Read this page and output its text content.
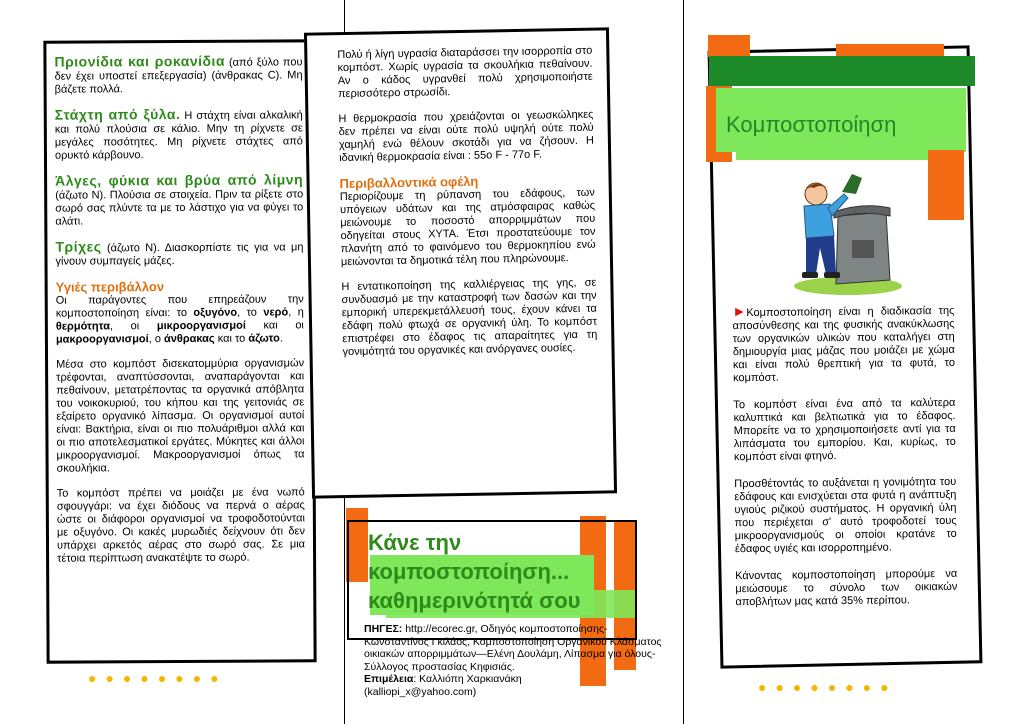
Πριονίδια και ροκανίδια (από ξύλο που δεν έχει υποστεί επεξεργασία) (άνθρακας C). Μη βάζετε πολλά.

Στάχτη από ξύλα. Η στάχτη είναι αλκαλική και πολύ πλούσια σε κάλιο. Μην τη ρίχνετε σε μεγάλες ποσότητες. Μη ρίχνετε στάχτες από ορυκτό κάρβουνο.

Άλγες, φύκια και βρύα από λίμνη (άζωτο N). Πλούσια σε στοιχεία. Πριν τα ρίξετε στο σωρό σας πλύντε τα με το λάστιχο για να φύγει το αλάτι.

Τρίχες (άζωτο N). Διασκορπίστε τις για να μη γίνουν συμπαγείς μάζες.

Υγιές περιβάλλον

Οι παράγοντες που επηρεάζουν την κομποστοποίηση είναι: το οξυγόνο, το νερό, η θερμότητα, οι μικροοργανισμοί και οι μακροοργανισμοί, ο άνθρακας και το άζωτο.

Μέσα στο κομπόστ δισεκατομμύρια οργανισμών τρέφονται, αναπτύσσονται, αναπαράγονται και πεθαίνουν, μετατρέποντας τα οργανικά απόβλητα του νοικοκυριού, του κήπου και της γειτονιάς σε εξαίρετο οργανικό λίπασμα. Οι οργανισμοί αυτοί είναι: Βακτήρια, είναι οι πιο πολυάριθμοι αλλά και οι πιο αποτελεσματικοί εργάτες. Μύκητες και άλλοι μικροοργανισμοί. Μακροοργανισμοί όπως τα σκουλήκια.

Το κομπόστ πρέπει να μοιάζει με ένα νωπό σφουγγάρι: να έχει διόδους να περνά ο αέρας ώστε οι διάφοροι οργανισμοί να τροφοδοτούνται με οξυγόνο. Οι κακές μυρωδιές δείχνουν ότι δεν υπάρχει αρκετός αέρας στο σωρό σας. Σε μια τέτοια περίπτωση ανακατέψτε το σωρό.

●●●●●●●●

Πολύ ή λίγη υγρασία διαταράσσει την ισορροπία στο κομπόστ. Χωρίς υγρασία τα σκουλήκια πεθαίνουν. Αν ο κάδος υγρανθεί πολύ χρησιμοποιήστε περισσότερο στρωσίδι.

Η θερμοκρασία που χρειάζονται οι γεωσκώληκες δεν πρέπει να είναι ούτε πολύ υψηλή ούτε πολύ χαμηλή ενώ θέλουν σκοτάδι για να ζήσουν. Η ιδανική θερμοκρασία είναι : 55ο F - 77ο F.

Περιβαλλοντικά οφέλη

Περιορίζουμε τη ρύπανση του εδάφους, των υπόγειων υδάτων και της ατμόσφαιρας καθώς μειώνουμε το ποσοστό απορριμμάτων που οδηγείται στους ΧΥΤΑ. Έτσι προστατεύουμε τον πλανήτη από το φαινόμενο του θερμοκηπίου ενώ μειώνονται τα δημοτικά τέλη που πληρώνουμε.

Η εντατικοποίηση της καλλιέργειας της γης, σε συνδυασμό με την καταστροφή των δασών και την εμπορική υπερεκμετάλλευσή τους, έχουν κάνει τα εδάφη πολύ φτωχά σε οργανική ύλη. Το κομπόστ επιστρέφει στο έδαφος τις απαραίτητες για τη γονιμότητά του οργανικές και ανόργανες ουσίες.

Κάνε την
κομποστοποίηση...
καθημερινότητά σου
ΠΗΓΕΣ: http://ecorec.gr, Οδηγός κομποστοποίησης-Κωνσταντίνος Γκιλάος, Κομποστοποίηση Οργανικού Κλάσματος οικιακών απορριμμάτων—Ελένη Δουλάμη, Λίπασμα για όλους-Σύλλογος προστασίας Κηφισιάς.
Επιμέλεια: Καλλιόπη Χαρκιανάκη
(kalliopi_x@yahoo.com)
Κομποστοποίηση

►Κομποστοποίηση είναι η διαδικασία της αποσύνθεσης και της φυσικής ανακύκλωσης των οργανικών υλικών που καταλήγει στη δημιουργία μιας μάζας που μοιάζει με χώμα και είναι πολύ θρεπτική για τα φυτά, το κομπόστ.

Το κομπόστ είναι ένα από τα καλύτερα καλυπτικά και βελτιωτικά για το έδαφος. Μπορείτε να το χρησιμοποιήσετε αντί για τα λιπάσματα του εμπορίου. Και, κυρίως, το κομπόστ είναι φτηνό.

Προσθέτοντάς το αυξάνεται η γονιμότητα του εδάφους και ενισχύεται στα φυτά η ανάπτυξη υγιούς ριζικού συστήματος. Η οργανική ύλη που περιέχεται σ' αυτό τροφοδοτεί τους μικροοργανισμούς οι οποίοι κρατάνε το έδαφος υγιές και ισορροπημένο.

Κάνοντας κομποστοποίηση μπορούμε να μειώσουμε το σύνολο των οικιακών αποβλήτων μας κατά 35% περίπου.

●●●●●●●●
